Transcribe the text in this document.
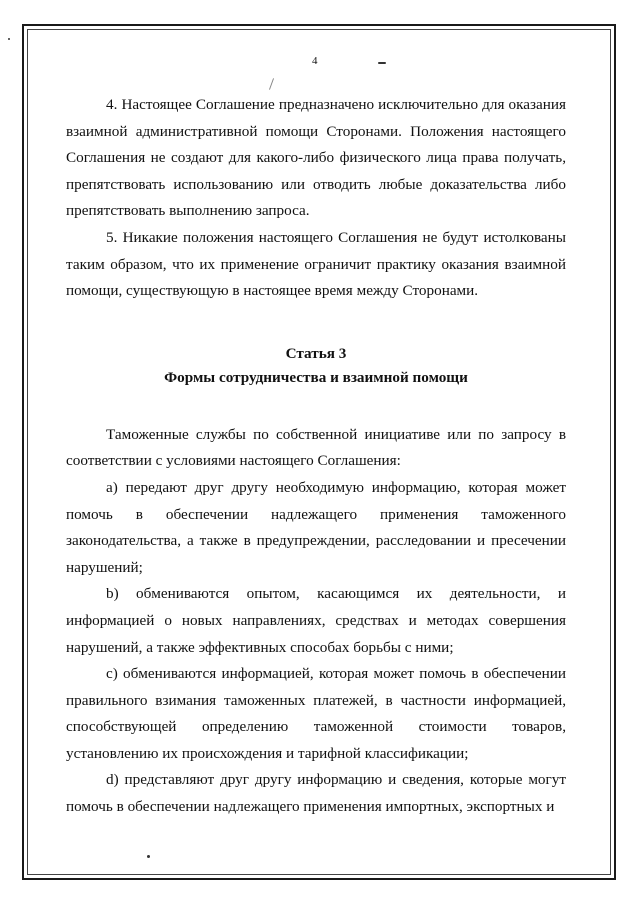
4

4. Настоящее Соглашение предназначено исключительно для оказания взаимной административной помощи Сторонами. Положения настоящего Соглашения не создают для какого-либо физического лица права получать, препятствовать использованию или отводить любые доказательства либо препятствовать выполнению запроса.

5. Никакие положения настоящего Соглашения не будут истолкованы таким образом, что их применение ограничит практику оказания взаимной помощи, существующую в настоящее время между Сторонами.

Статья 3

Формы сотрудничества и взаимной помощи

Таможенные службы по собственной инициативе или по запросу в соответствии с условиями настоящего Соглашения:

a) передают друг другу необходимую информацию, которая может помочь в обеспечении надлежащего применения таможенного законодательства, а также в предупреждении, расследовании и пресечении нарушений;

b) обмениваются опытом, касающимся их деятельности, и информацией о новых направлениях, средствах и методах совершения нарушений, а также эффективных способах борьбы с ними;

c) обмениваются информацией, которая может помочь в обеспечении правильного взимания таможенных платежей, в частности информацией, способствующей определению таможенной стоимости товаров, установлению их происхождения и тарифной классификации;

d) представляют друг другу информацию и сведения, которые могут помочь в обеспечении надлежащего применения импортных, экспортных и
